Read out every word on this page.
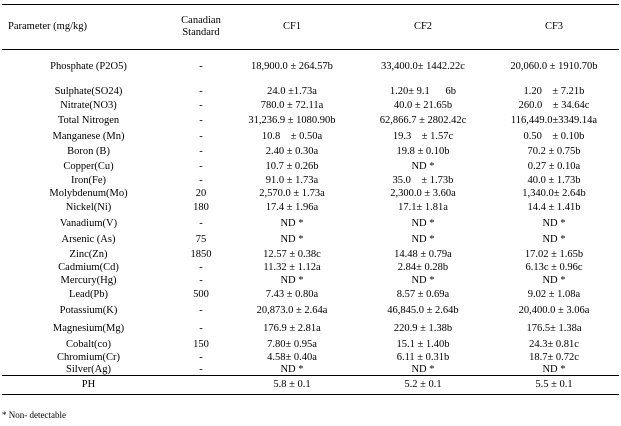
Parameter (mg/kg)	Canadian Standard	CF1	CF2	CF3
Phosphate (P2O5)	-	18,900.0 ± 264.57b	33,400.0± 1442.22c	20,060.0 ± 1910.70b
Sulphate(SO24)	-	24.0 ±1.73a	1.20± 9.1      6b	1.20    ± 7.21b
Nitrate(NO3)	-	780.0 ± 72.11a	40.0 ± 21.65b	260.0    ± 34.64c
Total Nitrogen	-	31,236.9 ± 1080.90b	62,866.7 ± 2802.42c	116,449.0±3349.14a
Manganese (Mn)	-	10.8    ± 0.50a	19.3    ± 1.57c	0.50    ± 0.10b
Boron (B)	-	2.40 ± 0.30a	19.8 ± 0.10b	70.2 ± 0.75b
Copper(Cu)	-	10.7 ± 0.26b	ND *	0.27 ± 0.10a
Iron(Fe)	-	91.0 ± 1.73a	35.0    ± 1.73b	40.0 ± 1.73b
Molybdenum(Mo)	20	2,570.0 ± 1.73a	2,300.0 ± 3.60a	1,340.0± 2.64b
Nickel(Ni)	180	17.4 ± 1.96a	17.1± 1.81a	14.4 ± 1.41b
Vanadium(V)	-	ND *	ND *	ND *
Arsenic (As)	75	ND *	ND *	ND *
Zinc(Zn)	1850	12.57 ± 0.38c	14.48 ± 0.79a	17.02 ± 1.65b
Cadmium(Cd)	-	11.32 ± 1.12a	2.84± 0.28b	6.13c ± 0.96c
Mercury(Hg)	-	ND *	ND *	ND *
Lead(Pb)	500	7.43 ± 0.80a	8.57 ± 0.69a	9.02 ± 1.08a
Potassium(K)	-	20,873.0 ± 2.64a	46,845.0 ± 2.64b	20,400.0 ± 3.06a
Magnesium(Mg)	-	176.9 ± 2.81a	220.9 ± 1.38b	176.5± 1.38a
Cobalt(co)	150	7.80± 0.95a	15.1 ± 1.40b	24.3± 0.81c
Chromium(Cr)	-	4.58± 0.40a	6.11 ± 0.31b	18.7± 0.72c
Silver(Ag)	-	ND *	ND *	ND *
PH		5.8 ± 0.1	5.2 ± 0.1	5.5 ± 0.1
* Non- detectable
